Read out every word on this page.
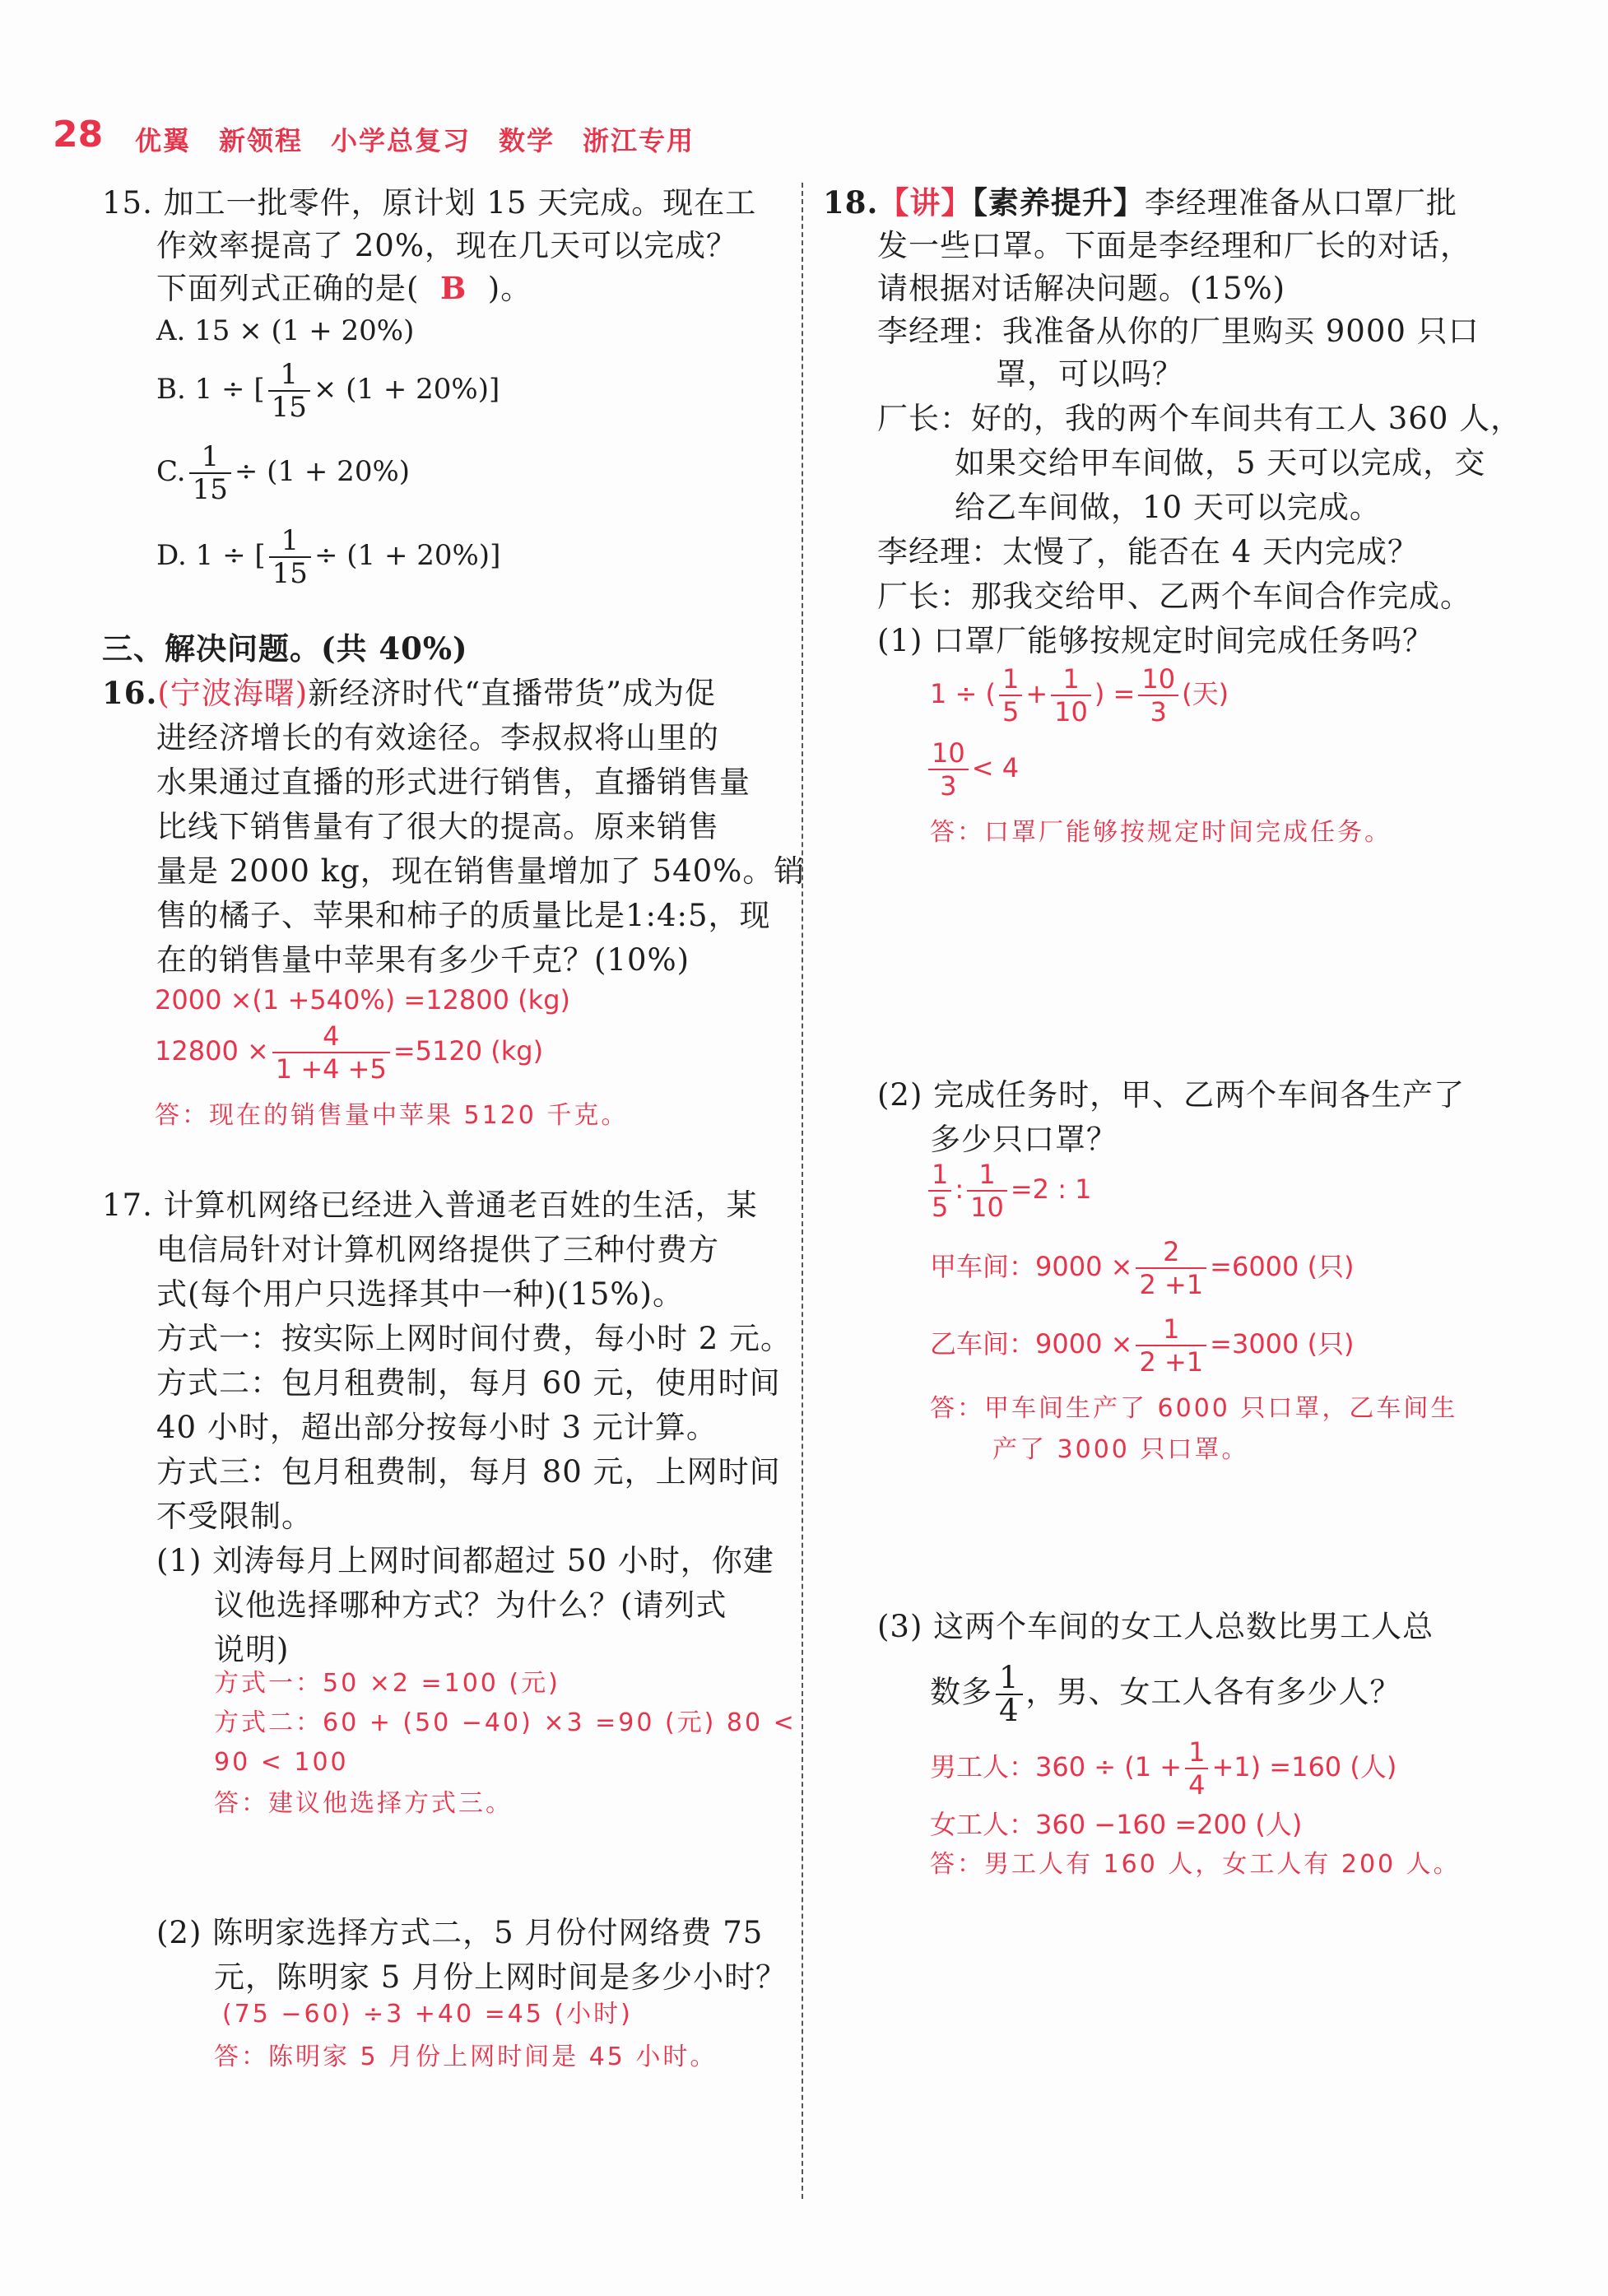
28 优翼　新领程　小学总复习　数学　浙江专用
15. 加工一批零件，原计划 15 天完成。现在工
作效率提高了 20%，现在几天可以完成？
下面列式正确的是( B )。
A. 15 × (1 + 20%)
B. 1 ÷ [ $\frac{1}{15} \times (1 + 20\%)$]
C. $\frac{1}{15} \div (1 + 20\%)$
D. 1 ÷ [ $\frac{1}{15} \div (1 + 20\%)$]
三、解决问题。(共 40%)
16.(宁波海曙)新经济时代“直播带货”成为促
进经济增长的有效途径。李叔叔将山里的
水果通过直播的形式进行销售，直播销售量
比线下销售量有了很大的提高。原来销售
量是 2000 kg，现在销售量增加了 540%。销
售的橘子、苹果和柿子的质量比是1:4:5，现
在的销售量中苹果有多少千克？(10%)
2000 ×(1 +540%) =12800 (kg)
$12800 \times \frac{4}{1 +4 +5} =5120$ (kg)
答：现在的销售量中苹果 5120 千克。
17. 计算机网络已经进入普通老百姓的生活，某
电信局针对计算机网络提供了三种付费方
式(每个用户只选择其中一种)(15%)。
方式一：按实际上网时间付费，每小时 2 元。
方式二：包月租费制，每月 60 元，使用时间
40 小时，超出部分按每小时 3 元计算。
方式三：包月租费制，每月 80 元，上网时间
不受限制。
(1) 刘涛每月上网时间都超过 50 小时，你建
议他选择哪种方式？为什么？(请列式
说明)
方式一：50 ×2 =100 (元)
方式二：60 + (50 −40) ×3 =90 (元) 80 <
90 < 100
答：建议他选择方式三。
(2) 陈明家选择方式二，5 月份付网络费 75
元，陈明家 5 月份上网时间是多少小时？
(75 −60) ÷3 +40 =45 (小时)
答：陈明家 5 月份上网时间是 45 小时。
18.【讲】【素养提升】李经理准备从口罩厂批
发一些口罩。下面是李经理和厂长的对话，
请根据对话解决问题。(15%)
李经理：我准备从你的厂里购买 9000 只口
罩，可以吗？
厂长：好的，我的两个车间共有工人 360 人，
如果交给甲车间做，5 天可以完成，交
给乙车间做，10 天可以完成。
李经理：太慢了，能否在 4 天内完成？
厂长：那我交给甲、乙两个车间合作完成。
(1) 口罩厂能够按规定时间完成任务吗？
1 ÷ ( $\frac{1}{5} + \frac{1}{10}$ ) = $\frac{10}{3}$ (天)
$\frac{10}{3} < 4$
答：口罩厂能够按规定时间完成任务。
(2) 完成任务时，甲、乙两个车间各生产了
多少只口罩？
$\frac{1}{5}$ : $\frac{1}{10} =2$ : 1
甲车间：$9000 \times \frac{2}{2 +1} =6000$ (只)
乙车间：$9000 \times \frac{1}{2 +1} =3000$ (只)
答：甲车间生产了 6000 只口罩，乙车间生
产了 3000 只口罩。
(3) 这两个车间的女工人总数比男工人总
数多 $\frac{1}{4}$ ，男、女工人各有多少人？
男工人：$360 \div (1 + \frac{1}{4} +1) =160$ (人)
女工人：360 −160 =200 (人)
答：男工人有 160 人，女工人有 200 人。
